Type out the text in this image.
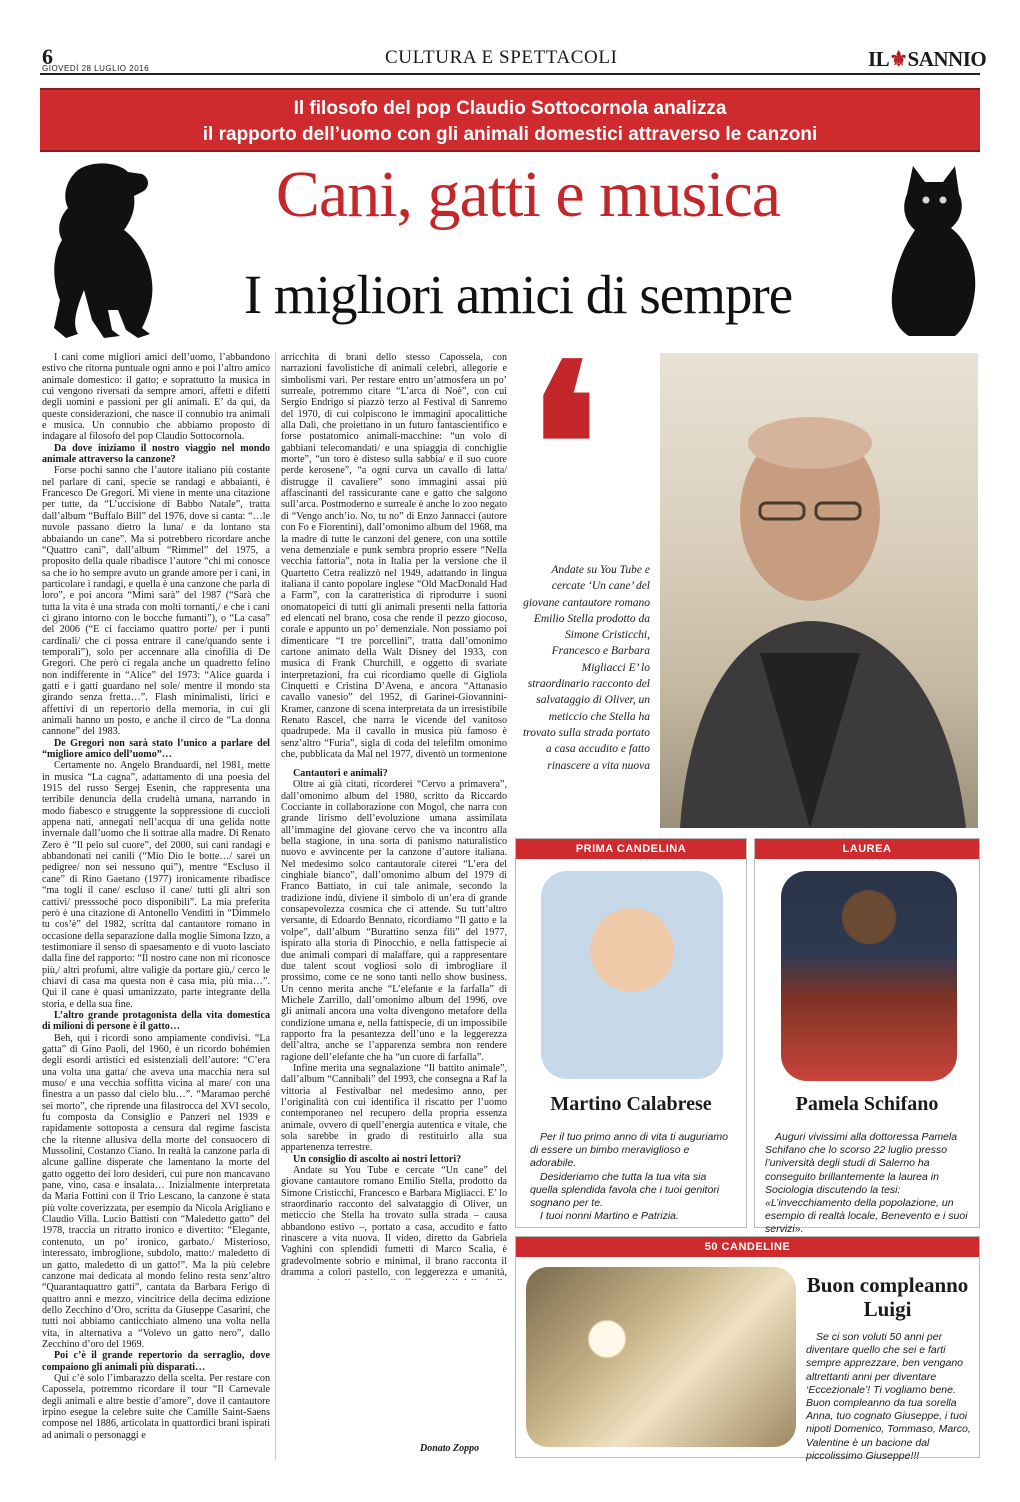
6
GIOVEDÌ 28 LUGLIO 2016
CULTURA E SPETTACOLI	IL⚜SANNIO
Il filosofo del pop Claudio Sottocornola analizza
il rapporto dell’uomo con gli animali domestici attraverso le canzoni
Cani, gatti e musica
I migliori amici di sempre

I cani come migliori amici dell’uomo, l’abbandono estivo che ritorna puntuale ogni anno e poi l’altro amico animale domestico: il gatto; e soprattutto la musica in cui vengono riversati da sempre amori, affetti e difetti degli uomini e passioni per gli animali. E’ da qui, da queste considerazioni, che nasce il connubio tra animali e musica. Un connubio che abbiamo proposto di indagare al filosofo del pop Claudio Sottocornola.

Da dove iniziamo il nostro viaggio nel mondo animale attraverso la canzone?

Forse pochi sanno che l’autore italiano più costante nel parlare di cani, specie se randagi e abbaianti, è Francesco De Gregori. Mi viene in mente una citazione per tutte, da “L’uccisione di Babbo Natale”, tratta dall’album “Buffalo Bill” del 1976, dove si canta: “…le nuvole passano dietro la luna/ e da lontano sta abbaiando un cane”. Ma si potrebbero ricordare anche “Quattro cani”, dall’album “Rimmel” del 1975, a proposito della quale ribadisce l’autore “chi mi conosce sa che io ho sempre avuto un grande amore per i cani, in particolare i randagi, e quella è una canzone che parla di loro”, e poi ancora “Mimì sarà” del 1987 (“Sarà che tutta la vita è una strada con molti tornanti,/ e che i cani ci girano intorno con le bocche fumanti”), o “La casa” del 2006 (“E ci facciamo quattro porte/ per i punti cardinali/ che ci possa entrare il cane/quando sente i temporali”), solo per accennare alla cinofilia di De Gregori. Che però ci regala anche un quadretto felino non indifferente in “Alice” del 1973: “Alice guarda i gatti e i gatti guardano nel sole/ mentre il mondo sta girando senza fretta…”. Flash minimalisti, lirici e affettivi di un repertorio della memoria, in cui gli animali hanno un posto, e anche il circo de “La donna cannone” del 1983.

De Gregori non sarà stato l’unico a parlare del “migliore amico dell’uomo”…

Certamente no. Angelo Branduardi, nel 1981, mette in musica “La cagna”, adattamento di una poesia del 1915 del russo Sergej Esenin, che rappresenta una terribile denuncia della crudeltà umana, narrando in modo fiabesco e struggente la soppressione di cuccioli appena nati, annegati nell’acqua di una gelida notte invernale dall’uomo che li sottrae alla madre. Di Renato Zero è “Il pelo sul cuore”, del 2000, sui cani randagi e abbandonati nei canili (“Mio Dio le botte…/ sarei un pedigree/ non sei nessuno qui”), mentre “Escluso il cane” di Rino Gaetano (1977) ironicamente ribadisce “ma toglí il cane/ escluso il cane/ tutti gli altri son cattivi/ presssoché poco disponibili”. La mia preferita però è una citazione di Antonello Venditti in “Dimmelo tu cos’è” del 1982, scritta dal cantautore romano in occasione della separazione dalla moglie Simona Izzo, a testimoniare il senso di spaesamento e di vuoto lasciato dalla fine del rapporto: “Il nostro cane non mi riconosce più,/ altri profumi, altre valigie da portare giù,/ cerco le chiavi di casa ma questa non è casa mia, più mia…”. Qui il cane è quasi umanizzato, parte integrante della storia, e della sua fine.

L’altro grande protagonista della vita domestica di milioni di persone è il gatto…

Beh, qui i ricordi sono ampiamente condivisi. “La gatta” di Gino Paoli, del 1960, è un ricordo bohémien degli esordi artistici ed esistenziali dell’autore: “C’era una volta una gatta/ che aveva una macchia nera sul muso/ e una vecchia soffitta vicina al mare/ con una finestra a un passo dal cielo blu…”. “Maramao perché sei morto”, che riprende una filastrocca del XVI secolo, fu composta da Consiglio e Panzeri nel 1939 e rapidamente sottoposta a censura dal regime fascista che la ritenne allusiva della morte del consuocero di Mussolini, Costanzo Ciano. In realtà la canzone parla di alcune galline disperate che lamentano la morte del gatto oggetto dei loro desideri, cui pure non mancavano pane, vino, casa e insalata… Inizialmente interpretata da Maria Fottini con il Trio Lescano, la canzone è stata più volte coverizzata, per esempio da Nicola Arigliano e Claudio Villa. Lucio Battisti con “Maledetto gatto” del 1978, traccia un ritratto ironico e divertito: “Elegante, contenuto, un po’ ironico, garbato./ Misterioso, interessato, imbroglione, subdolo, matto:/ maledetto di un gatto, maledetto di un gatto!”. Ma la più celebre canzone mai dedicata al mondo felino resta senz’altro “Quarantaquattro gatti”, cantata da Barbara Ferigo di quattro anni e mezzo, vincitrice della decima edizione dello Zecchino d’Oro, scritta da Giuseppe Casarini, che tutti noi abbiamo canticchiato almeno una volta nella vita, in alternativa a “Volevo un gatto nero”, dallo Zecchino d’oro del 1969.

Poi c’è il grande repertorio da serraglio, dove compaiono gli animali più disparati…

Qui c’è solo l’imbarazzo della scelta. Per restare con Capossela, potremmo ricordare il tour “Il Carnevale degli animali e altre bestie d’amore”, dove il cantautore irpino esegue la celebre suite che Camille Saint-Saens compose nel 1886, articolata in quattordici brani ispirati ad animali o personaggi e

arricchita di brani dello stesso Capossela, con narrazioni favolistiche di animali celebri, allegorie e simbolismi vari. Per restare entro un’atmosfera un po’ surreale, potremmo citare “L’arca di Noè”, con cui Sergio Endrigo si piazzò terzo al Festival di Sanremo del 1970, di cui colpiscono le immagini apocalittiche alla Dalì, che proiettano in un futuro fantascientifico e forse postatomico animali-macchine: “un volo di gabbiani telecomandati/ e una spiaggia di conchiglie morte”, “un toro è disteso sulla sabbia/ e il suo cuore perde kerosene”, “a ogni curva un cavallo di latta/ distrugge il cavaliere” sono immagini assai più affascinanti del rassicurante cane e gatto che salgono sull’arca. Postmoderno e surreale è anche lo zoo negato di “Vengo anch’io. No, tu no” di Enzo Jannacci (autore con Fo e Fiorentini), dall’omonimo album del 1968, ma la madre di tutte le canzoni del genere, con una sottile vena demenziale e punk sembra proprio essere “Nella vecchia fattoria”, nota in Italia per la versione che il Quartetto Cetra realizzò nel 1949, adattando in lingua italiana il canto popolare inglese “Old MacDonald Had a Farm”, con la caratteristica di riprodurre i suoni onomatopeici di tutti gli animali presenti nella fattoria ed elencati nel brano, cosa che rende il pezzo giocoso, corale e appunto un po’ demenziale. Non possiamo poi dimenticare “I tre porcellini”, tratta dall’omonimo cartone animato della Walt Disney del 1933, con musica di Frank Churchill, e oggetto di svariate interpretazioni, fra cui ricordiamo quelle di Gigliola Cinquetti e Cristina D’Avena, e ancora “Attanasio cavallo vanesio” del 1952, di Garinei-Giovannini-Kramer, canzone di scena interpretata da un irresistibile Renato Rascel, che narra le vicende del vanitoso quadrupede. Ma il cavallo in musica più famoso è senz’altro “Furia”, sigla di coda del telefilm omonimo che, pubblicata da Mal nel 1977, diventò un tormentone

Cantautori e animali?

Oltre ai già citati, ricorderei “Cervo a primavera”, dall’omonimo album del 1980, scritto da Riccardo Cocciante in collaborazione con Mogol, che narra con grande lirismo dell’evoluzione umana assimilata all’immagine del giovane cervo che va incontro alla bella stagione, in una sorta di panismo naturalistico nuovo e avvincente per la canzone d’autore italiana. Nel medesimo solco cantautorale citerei “L’era del cinghiale bianco”, dall’omonimo album del 1979 di Franco Battiato, in cui tale animale, secondo la tradizione indù, diviene il simbolo di un’era di grande consapevolezza cosmica che ci attende. Su tutt’altro versante, di Edoardo Bennato, ricordiamo “Il gatto e la volpe”, dall’album “Burattino senza fili” del 1977, ispirato alla storia di Pinocchio, e nella fattispecie ai due animali compari di malaffare, qui a rappresentare due talent scout vogliosi solo di imbrogliare il prossimo, come ce ne sono tanti nello show business. Un cenno merita anche “L’elefante e la farfalla” di Michele Zarrillo, dall’omonimo album del 1996, ove gli animali ancora una volta divengono metafore della condizione umana e, nella fattispecie, di un impossibile rapporto fra la pesantezza dell’uno e la leggerezza dell’altra, anche se l’apparenza sembra non rendere ragione dell’elefante che ha “un cuore di farfalla”.

Infine merita una segnalazione “Il battito animale”, dall’album “Cannibali” del 1993, che consegna a Raf la vittoria al Festivalbar nel medesimo anno, per l’originalità con cui identifica il riscatto per l’uomo contemporaneo nel recupero della propria essenza animale, ovvero di quell’energia autentica e vitale, che sola sarebbe in grado di restituirlo alla sua appartenenza terrestre.

Un consiglio di ascolto ai nostri lettori?

Andate su You Tube e cercate “Un cane” del giovane cantautore romano Emilio Stella, prodotto da Simone Cristicchi, Francesco e Barbara Migliacci. E’ lo straordinario racconto del salvataggio di Oliver, un meticcio che Stella ha trovato sulla strada – causa abbandono estivo –, portato a casa, accudito e fatto rinascere a vita nuova. Il video, diretto da Gabriela Vaghini con splendidi fumetti di Marco Scalia, è gradevolmente sobrio e minimal, il brano racconta il dramma a colori pastello, con leggerezza e umanità,

Donato Zoppo
❛
Andate su You Tube e cercate ‘Un cane’ del giovane cantautore romano Emilio Stella prodotto da Simone Cristicchi, Francesco e Barbara Migliacci E’ lo straordinario racconto del salvataggio di Oliver, un meticcio che Stella ha trovato sulla strada portato a casa accudito e fatto rinascere a vita nuova
PRIMA CANDELINA
Martino Calabrese

Per il tuo primo anno di vita ti auguriamo di essere un bimbo meraviglioso e adorabile.

Desideriamo che tutta la tua vita sia quella splendida favola che i tuoi genitori sognano per te.

I tuoi nonni Martino e Patrizia.

LAUREA
Pamela Schifano

Auguri vivissimi alla dottoressa Pamela Schifano che lo scorso 22 luglio presso l’università degli studi di Salerno ha conseguito brillantemente la laurea in Sociologia discutendo la tesi: «L’invecchiamento della popolazione, un esempio di realtà locale, Benevento e i suoi servizi».

50 CANDELINE
Buon compleanno
Luigi

Se ci son voluti 50 anni per diventare quello che sei e farti sempre apprezzare, ben vengano altrettanti anni per diventare ‘Eccezionale’! Ti vogliamo bene. Buon compleanno da tua sorella Anna, tuo cognato Giuseppe, i tuoi nipoti Domenico, Tommaso, Marco, Valentine è un bacione dal piccolissimo Giuseppe!!!
